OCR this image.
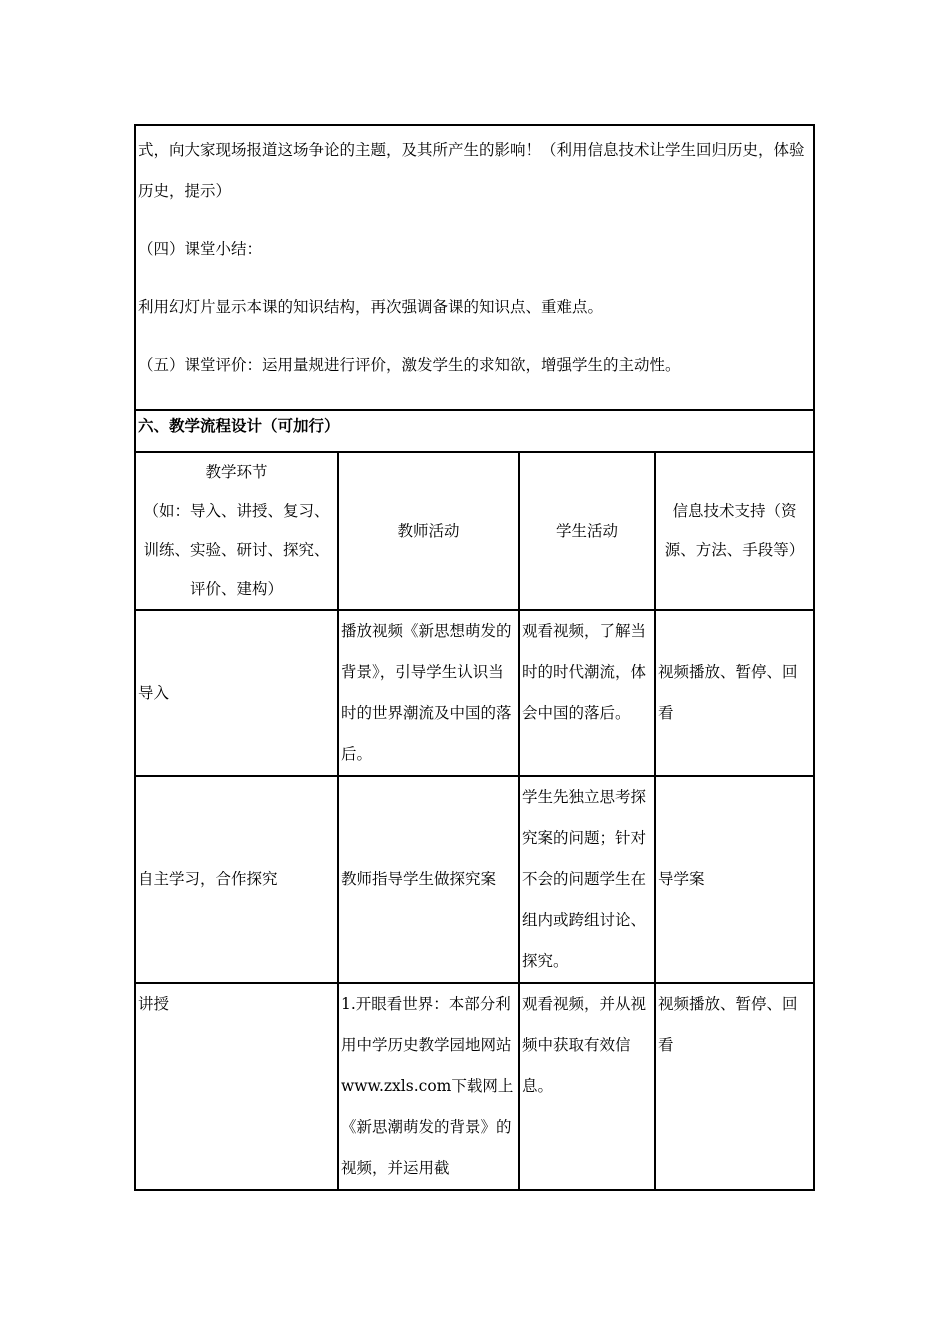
式，向大家现场报道这场争论的主题，及其所产生的影响！（利用信息技术让学生回归历史，体验历史，提示）

（四）课堂小结：

利用幻灯片显示本课的知识结构，再次强调备课的知识点、重难点。

（五）课堂评价：运用量规进行评价，激发学生的求知欲，增强学生的主动性。			

六、教学流程设计（可加行）			

教学环节
（如：导入、讲授、复习、训练、实验、研讨、探究、评价、建构）	教师活动	学生活动	信息技术支持（资源、方法、手段等）
导入	播放视频《新思想萌发的背景》，引导学生认识当时的世界潮流及中国的落后。	观看视频，了解当时的时代潮流，体会中国的落后。	视频播放、暂停、回看
自主学习，合作探究	教师指导学生做探究案	学生先独立思考探究案的问题；针对不会的问题学生在组内或跨组讨论、探究。	导学案
讲授	1.开眼看世界：本部分利用中学历史教学园地网站www.zxls.com下载网上《新思潮萌发的背景》的视频，并运用截	观看视频，并从视频中获取有效信息。	视频播放、暂停、回看
